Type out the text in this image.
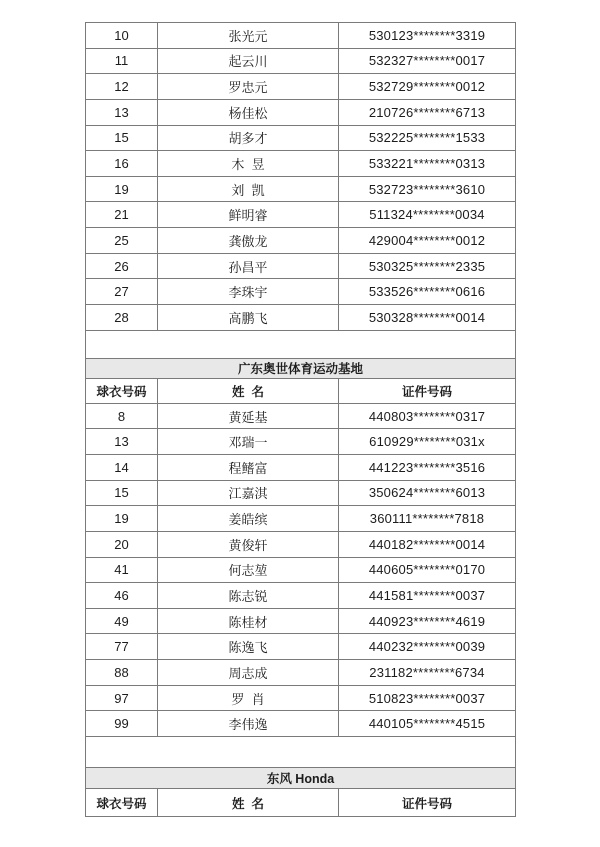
10	张光元	530123********3319
11	起云川	532327********0017
12	罗忠元	532729********0012
13	杨佳松	210726********6713
15	胡多才	532225********1533
16	木  昱	533221********0313
19	刘  凯	532723********3610
21	鲜明睿	511324********0034
25	龚傲龙	429004********0012
26	孙昌平	530325********2335
27	李珠宇	533526********0616
28	高鹏飞	530328********0014

广东奥世体育运动基地		
球衣号码	姓  名	证件号码
8	黄延基	440803********0317
13	邓瑞一	610929********031x
14	程鳍富	441223********3516
15	江嘉淇	350624********6013
19	姜皓缤	360111********7818
20	黄俊轩	440182********0014
41	何志堃	440605********0170
46	陈志锐	441581********0037
49	陈桂材	440923********4619
77	陈逸飞	440232********0039
88	周志成	231182********6734
97	罗  肖	510823********0037
99	李伟逸	440105********4515

东风 Honda		
球衣号码	姓  名	证件号码
